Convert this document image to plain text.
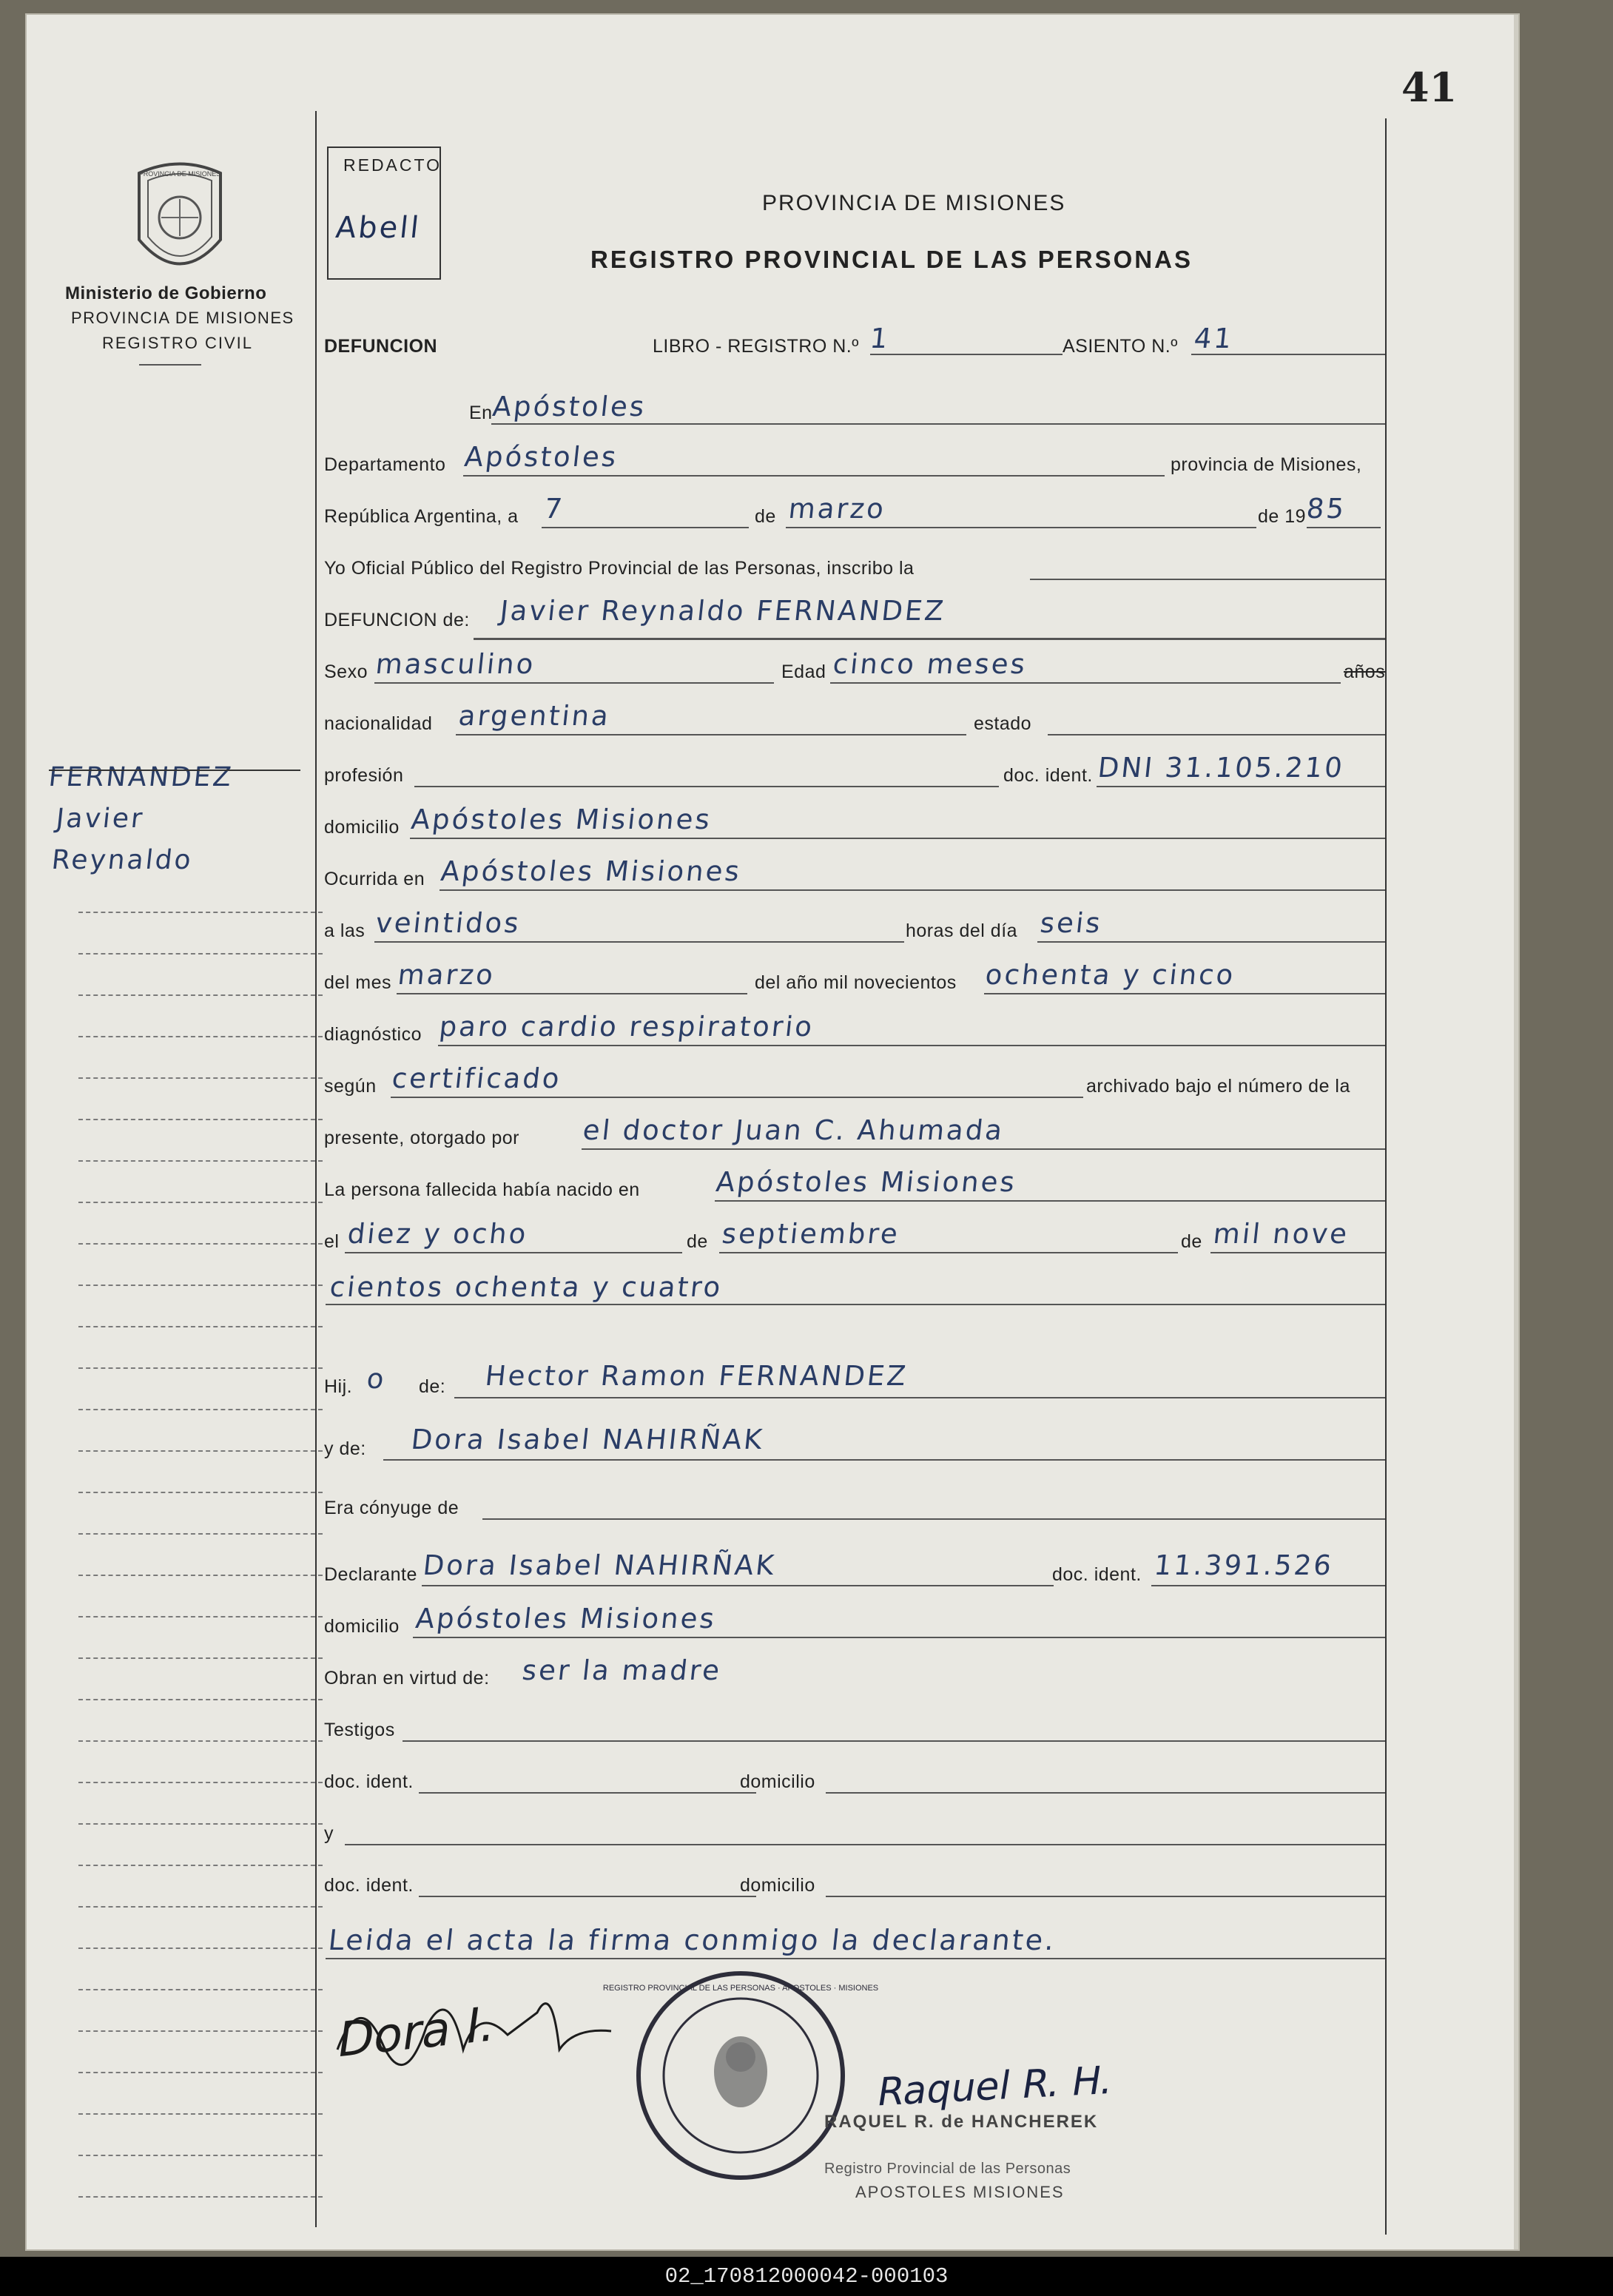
41
PROVINCIA DE MISIONES
Ministerio de Gobierno
PROVINCIA DE MISIONES
REGISTRO CIVIL
REDACTO
Abell
PROVINCIA DE MISIONES
REGISTRO PROVINCIAL DE LAS PERSONAS
DEFUNCION	LIBRO - REGISTRO N.º 1	ASIENTO N.º 41
FERNANDEZ
Javier
Reynaldo
En
Apóstoles
Departamento Apóstoles	provincia de Misiones,
República Argentina, a 7	de marzo	de 19
85
Yo Oficial Público del Registro Provincial de las Personas, inscribo la
DEFUNCION de: Javier Reynaldo FERNANDEZ
Sexo masculino	Edad cinco meses	años
nacionalidad argentina	estado
profesión	doc. ident. DNI 31.105.210
domicilio Apóstoles Misiones
Ocurrida en Apóstoles Misiones
a las veintidos	horas del día seis
del mes marzo	del año mil novecientos ochenta y cinco
diagnóstico paro cardio respiratorio
según certificado	archivado bajo el número de la
presente, otorgado por el doctor Juan C. Ahumada
La persona fallecida había nacido en	Apóstoles Misiones
el diez y ocho	de septiembre	de mil nove
cientos ochenta y cuatro
Hij. o de: Hector Ramon FERNANDEZ
y de: Dora Isabel NAHIRÑAK
Era cónyuge de
Declarante Dora Isabel NAHIRÑAK	doc. ident. 11.391.526
domicilio Apóstoles Misiones
Obran en virtud de: ser la madre
Testigos
doc. ident.	domicilio
y
doc. ident.	domicilio
Leida el acta la firma conmigo la declarante.
Dora I.
REGISTRO PROVINCIAL DE LAS PERSONAS · APOSTOLES · MISIONES
Raquel R. H.
RAQUEL R. de HANCHEREK
Registro Provincial de las Personas
APOSTOLES MISIONES
02_170812000042-000103
